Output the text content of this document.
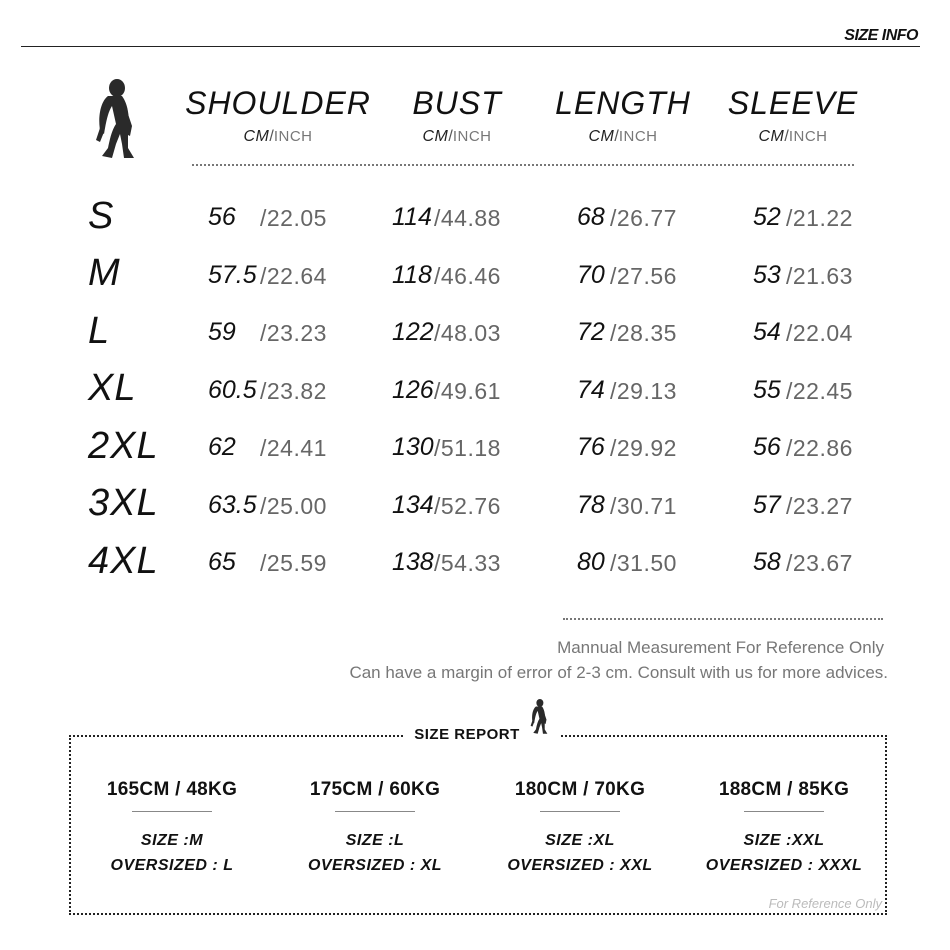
SIZE INFO
SHOULDER
CM/INCH
BUST
CM/INCH
LENGTH
CM/INCH
SLEEVE
CM/INCH
S	56 /22.05	114 /44.88	68 /26.77	52 /21.22
M	57.5 /22.64	118 /46.46	70 /27.56	53 /21.63
L	59 /23.23	122 /48.03	72 /28.35	54 /22.04
XL	60.5 /23.82	126 /49.61	74 /29.13	55 /22.45
2XL 62 /24.41	130 /51.18	76 /29.92	56 /22.86
3XL 63.5 /25.00	134 /52.76	78 /30.71	57 /23.27
4XL 65 /25.59	138 /54.33	80 /31.50	58 /23.67
Mannual Measurement For Reference Only
Can have a margin of error of 2-3 cm. Consult with us for more advices.
SIZE REPORT
165CM / 48KG
SIZE :M
OVERSIZED : L
175CM / 60KG
SIZE :L
OVERSIZED : XL
180CM / 70KG
SIZE :XL
OVERSIZED : XXL
188CM / 85KG
SIZE :XXL
OVERSIZED : XXXL
For Reference Only
